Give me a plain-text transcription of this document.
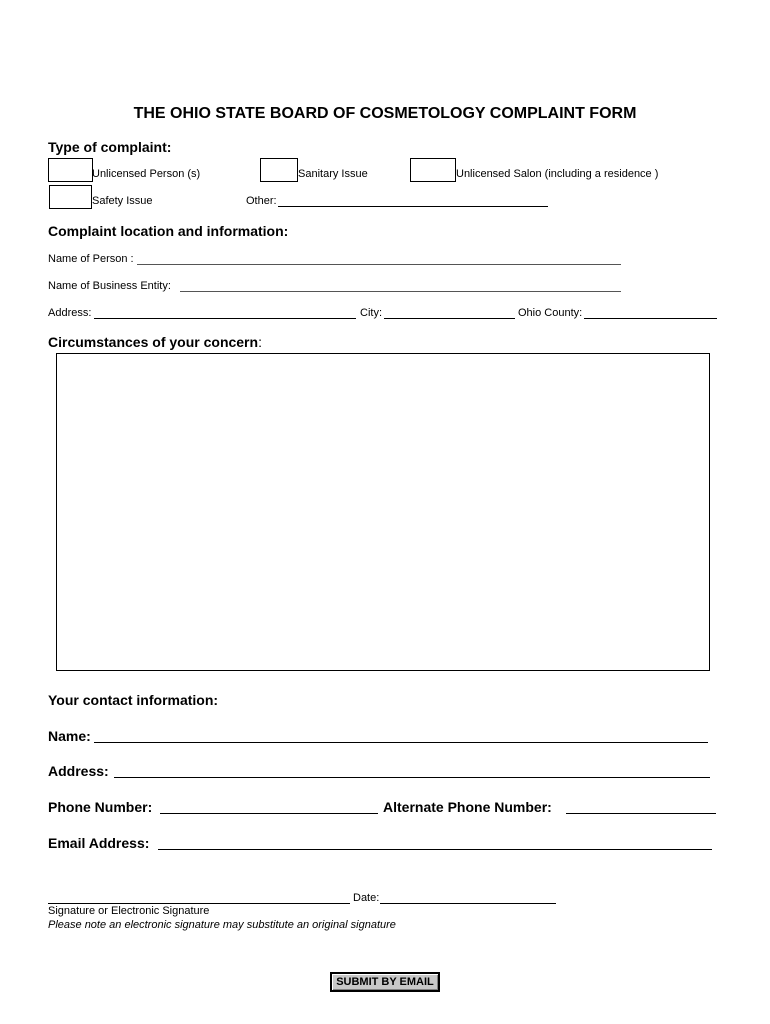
THE OHIO STATE BOARD OF COSMETOLOGY COMPLAINT FORM
Type of complaint:
Unlicensed Person (s)	Sanitary Issue	Unlicensed Salon (including a residence )
Safety Issue	Other:
Complaint location and information:
Name of Person :
Name of Business Entity:
Address:	City:	Ohio County:
Circumstances of your concern:
Your contact information:
Name:
Address:
Phone Number:	Alternate Phone Number:
Email Address:
Date:
Signature or Electronic Signature
Please note an electronic signature may substitute an original signature
SUBMIT BY EMAIL
